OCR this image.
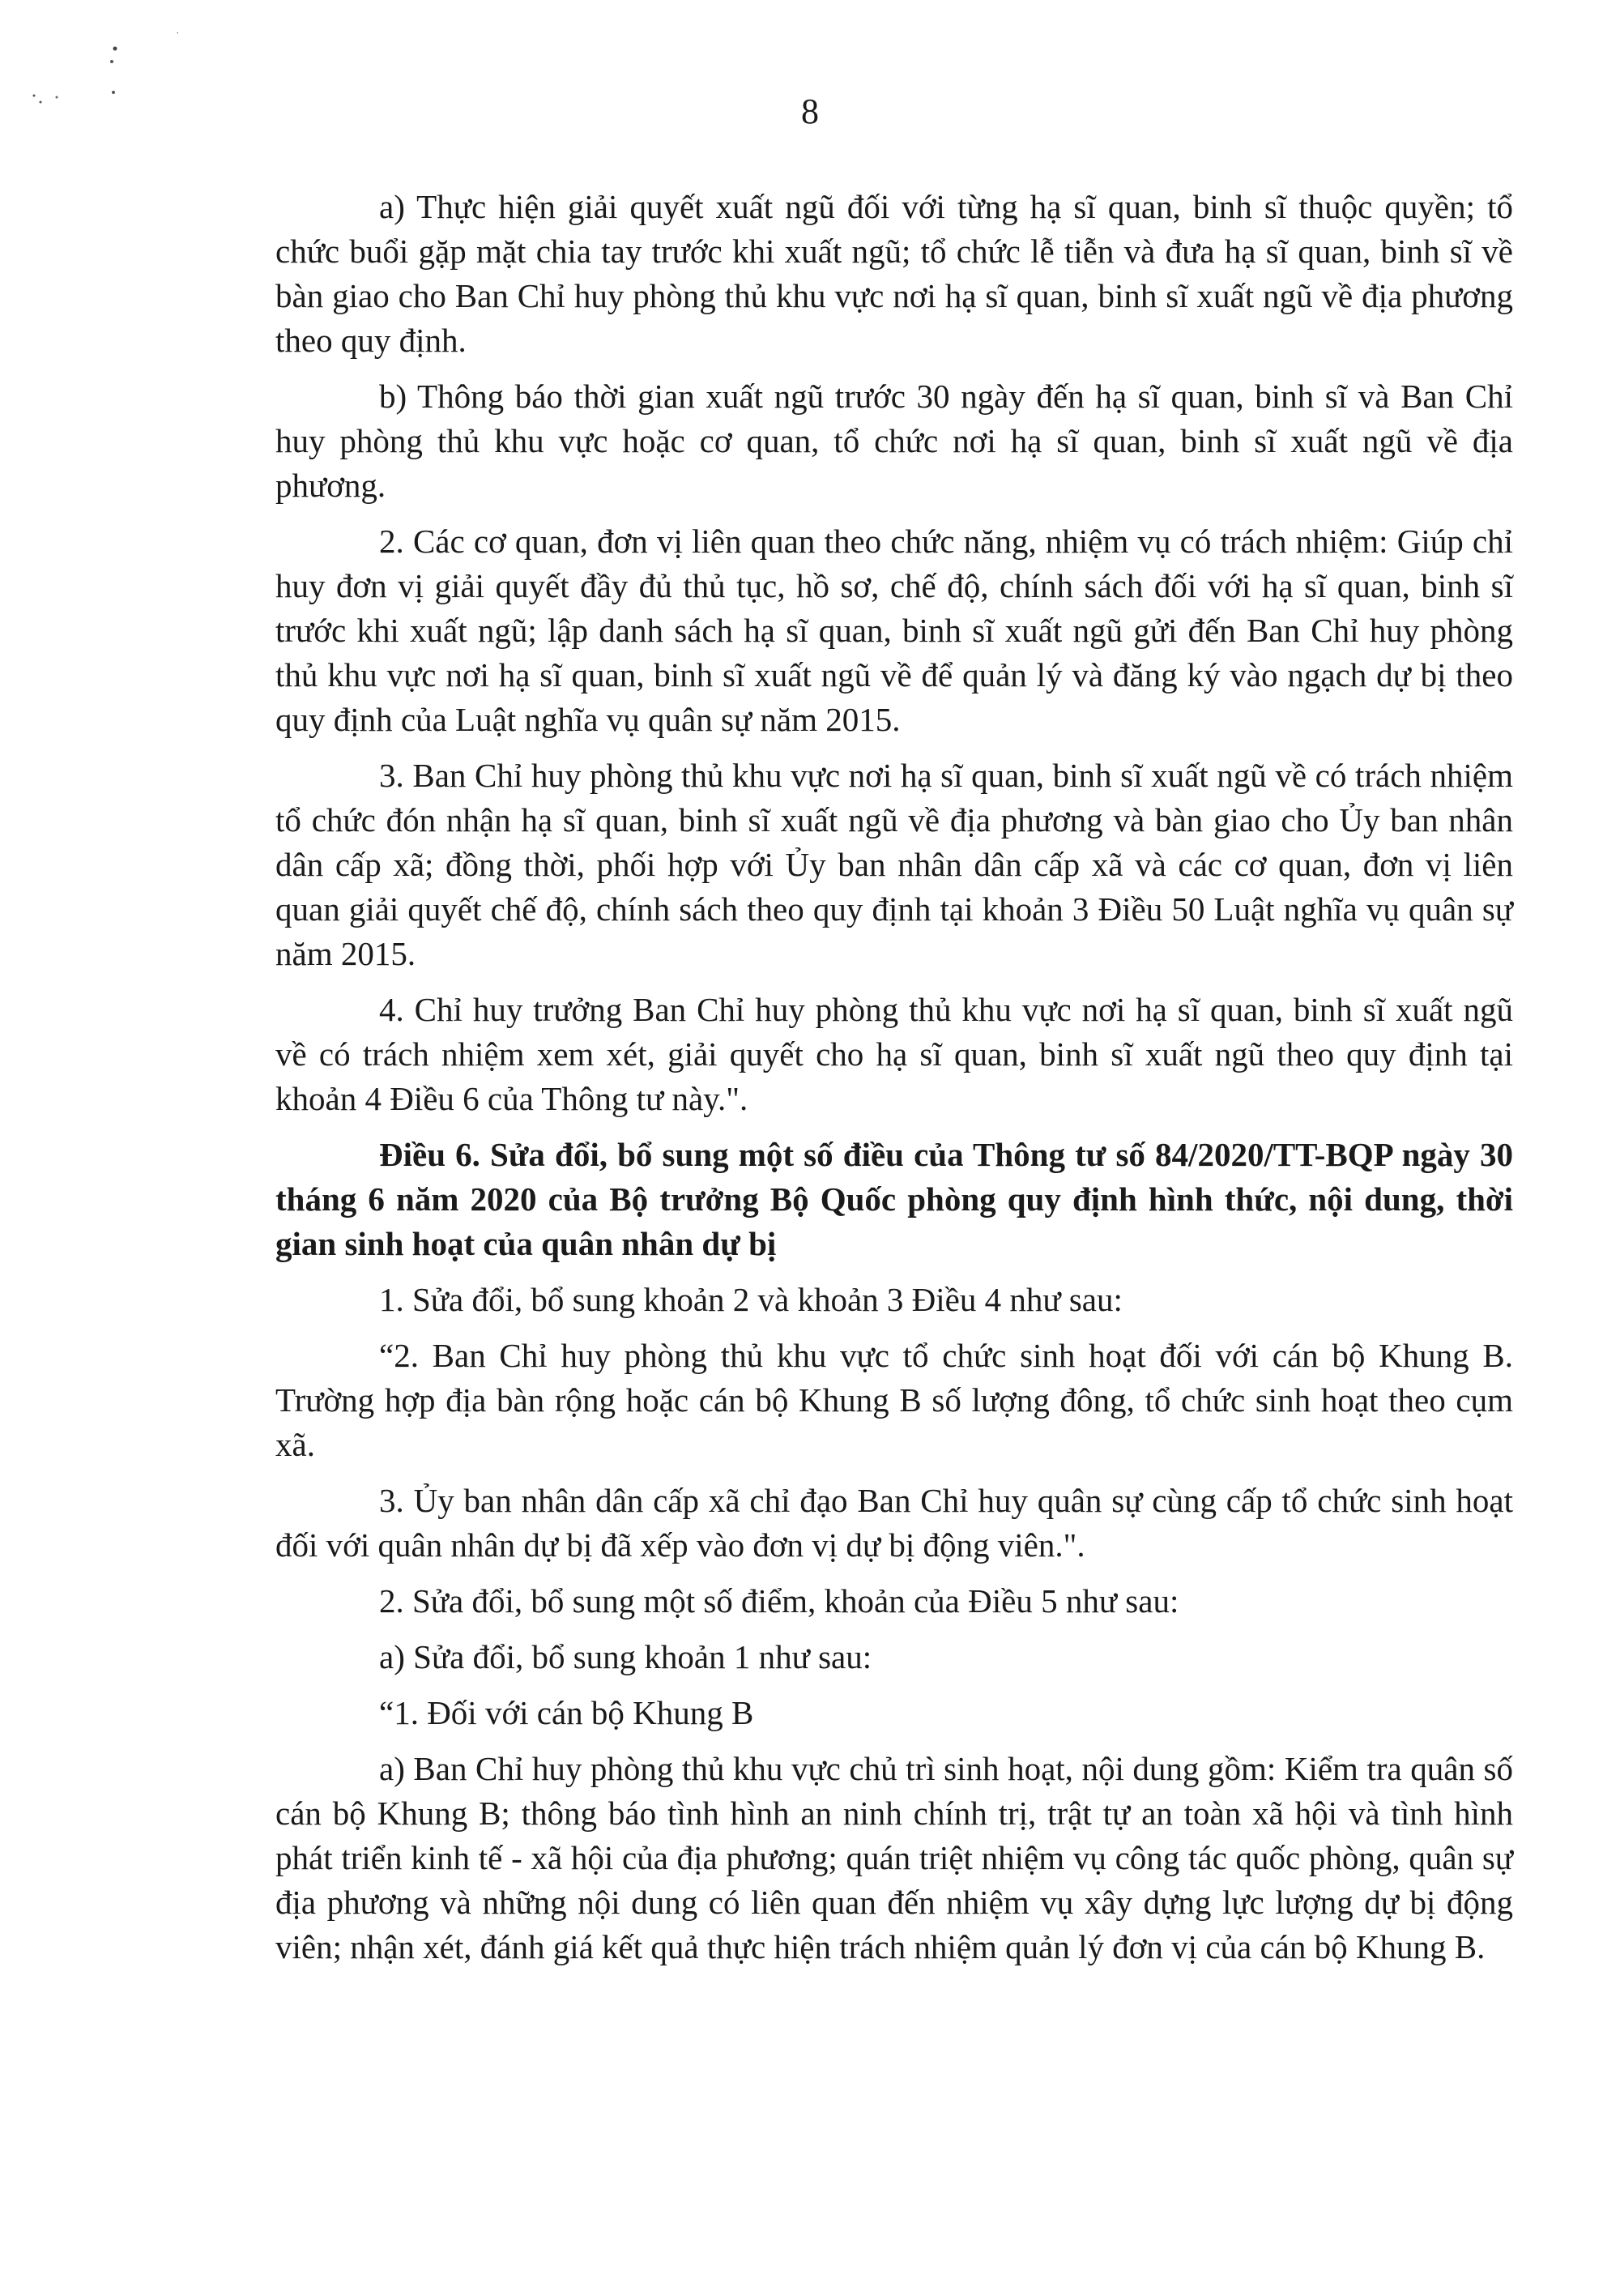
8

a) Thực hiện giải quyết xuất ngũ đối với từng hạ sĩ quan, binh sĩ thuộc quyền; tổ chức buổi gặp mặt chia tay trước khi xuất ngũ; tổ chức lễ tiễn và đưa hạ sĩ quan, binh sĩ về bàn giao cho Ban Chỉ huy phòng thủ khu vực nơi hạ sĩ quan, binh sĩ xuất ngũ về địa phương theo quy định.

b) Thông báo thời gian xuất ngũ trước 30 ngày đến hạ sĩ quan, binh sĩ và Ban Chỉ huy phòng thủ khu vực hoặc cơ quan, tổ chức nơi hạ sĩ quan, binh sĩ xuất ngũ về địa phương.

2. Các cơ quan, đơn vị liên quan theo chức năng, nhiệm vụ có trách nhiệm: Giúp chỉ huy đơn vị giải quyết đầy đủ thủ tục, hồ sơ, chế độ, chính sách đối với hạ sĩ quan, binh sĩ trước khi xuất ngũ; lập danh sách hạ sĩ quan, binh sĩ xuất ngũ gửi đến Ban Chỉ huy phòng thủ khu vực nơi hạ sĩ quan, binh sĩ xuất ngũ về để quản lý và đăng ký vào ngạch dự bị theo quy định của Luật nghĩa vụ quân sự năm 2015.

3. Ban Chỉ huy phòng thủ khu vực nơi hạ sĩ quan, binh sĩ xuất ngũ về có trách nhiệm tổ chức đón nhận hạ sĩ quan, binh sĩ xuất ngũ về địa phương và bàn giao cho Ủy ban nhân dân cấp xã; đồng thời, phối hợp với Ủy ban nhân dân cấp xã và các cơ quan, đơn vị liên quan giải quyết chế độ, chính sách theo quy định tại khoản 3 Điều 50 Luật nghĩa vụ quân sự năm 2015.

4. Chỉ huy trưởng Ban Chỉ huy phòng thủ khu vực nơi hạ sĩ quan, binh sĩ xuất ngũ về có trách nhiệm xem xét, giải quyết cho hạ sĩ quan, binh sĩ xuất ngũ theo quy định tại khoản 4 Điều 6 của Thông tư này.".

Điều 6. Sửa đổi, bổ sung một số điều của Thông tư số 84/2020/TT-BQP ngày 30 tháng 6 năm 2020 của Bộ trưởng Bộ Quốc phòng quy định hình thức, nội dung, thời gian sinh hoạt của quân nhân dự bị

1. Sửa đổi, bổ sung khoản 2 và khoản 3 Điều 4 như sau:

“2. Ban Chỉ huy phòng thủ khu vực tổ chức sinh hoạt đối với cán bộ Khung B. Trường hợp địa bàn rộng hoặc cán bộ Khung B số lượng đông, tổ chức sinh hoạt theo cụm xã.

3. Ủy ban nhân dân cấp xã chỉ đạo Ban Chỉ huy quân sự cùng cấp tổ chức sinh hoạt đối với quân nhân dự bị đã xếp vào đơn vị dự bị động viên.".

2. Sửa đổi, bổ sung một số điểm, khoản của Điều 5 như sau:

a) Sửa đổi, bổ sung khoản 1 như sau:

“1. Đối với cán bộ Khung B

a) Ban Chỉ huy phòng thủ khu vực chủ trì sinh hoạt, nội dung gồm: Kiểm tra quân số cán bộ Khung B; thông báo tình hình an ninh chính trị, trật tự an toàn xã hội và tình hình phát triển kinh tế - xã hội của địa phương; quán triệt nhiệm vụ công tác quốc phòng, quân sự địa phương và những nội dung có liên quan đến nhiệm vụ xây dựng lực lượng dự bị động viên; nhận xét, đánh giá kết quả thực hiện trách nhiệm quản lý đơn vị của cán bộ Khung B.
